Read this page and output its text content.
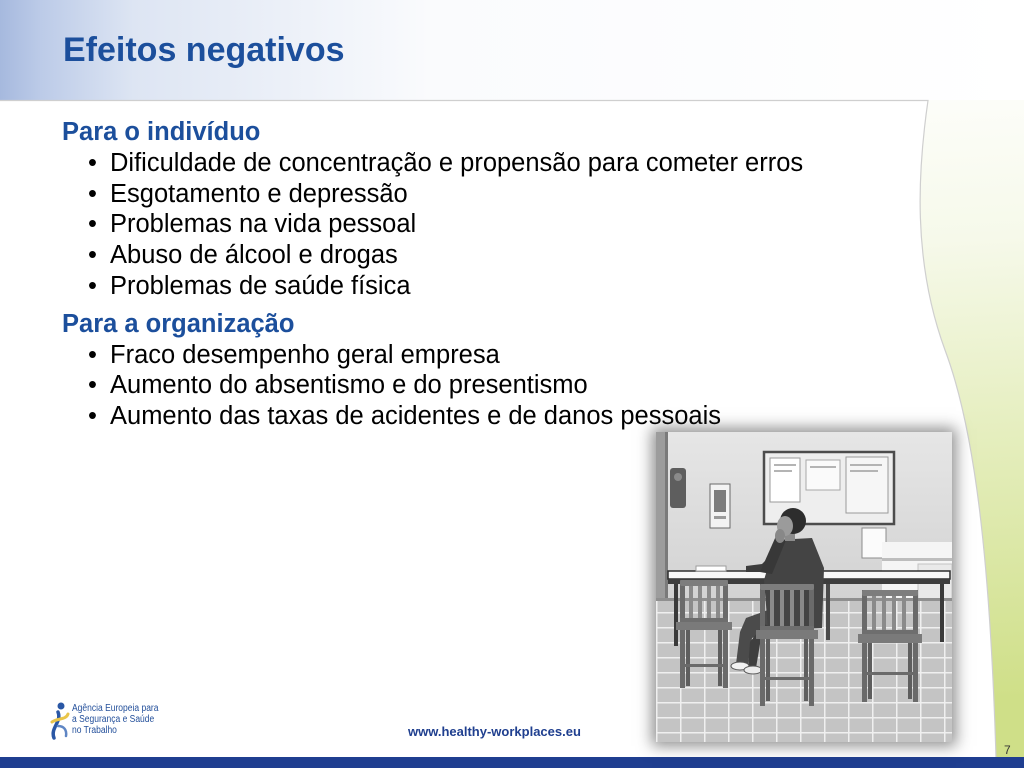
Efeitos negativos
Para o indivíduo
• Dificuldade de concentração e propensão para cometer erros
• Esgotamento e depressão
• Problemas na vida pessoal
• Abuso de álcool e drogas
• Problemas de saúde física
Para a organização
• Fraco desempenho geral empresa
• Aumento do absentismo e do presentismo
• Aumento das taxas de acidentes e de danos pessoais
Agência Europeia para
a Segurança e Saúde
no Trabalho	www.healthy-workplaces.eu
7
